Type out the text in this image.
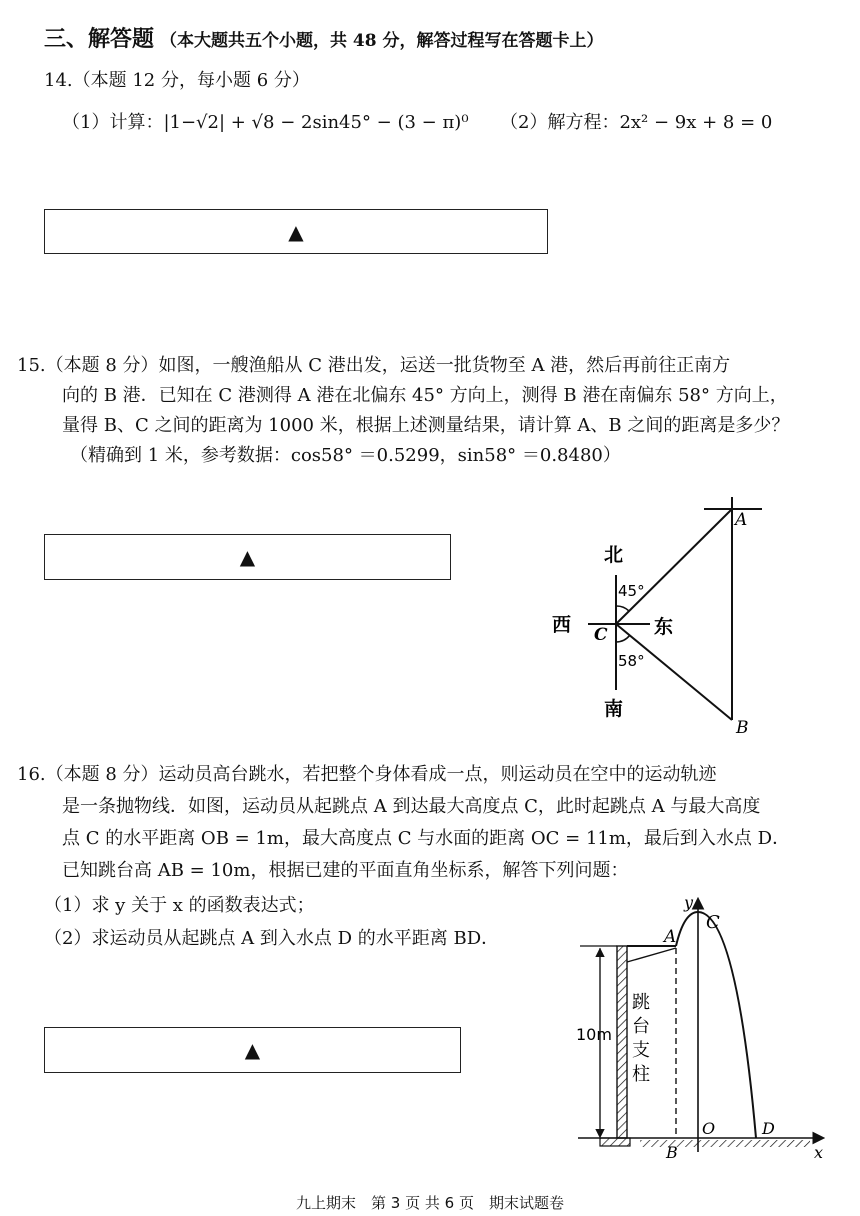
三、解答题 （本大题共五个小题，共 48 分，解答过程写在答题卡上）
14.（本题 12 分，每小题 6 分）
（1）计算：|1−√2| + √8 − 2sin45° − (3 − π)⁰ （2）解方程：2x² − 9x + 8 = 0
▲
15.（本题 8 分）如图，一艘渔船从 C 港出发，运送一批货物至 A 港，然后再前往正南方
向的 B 港．已知在 C 港测得 A 港在北偏东 45° 方向上，测得 B 港在南偏东 58° 方向上，
量得 B、C 之间的距离为 1000 米，根据上述测量结果，请计算 A、B 之间的距离是多少？
（精确到 1 米，参考数据：cos58° ＝0.5299，sin58° ＝0.8480）
▲	北
南
西	东
45°
58°
C
A
B
16.（本题 8 分）运动员高台跳水，若把整个身体看成一点，则运动员在空中的运动轨迹
是一条抛物线．如图，运动员从起跳点 A 到达最大高度点 C，此时起跳点 A 与最大高度
点 C 的水平距离 OB = 1m，最大高度点 C 与水面的距离 OC = 11m，最后到入水点 D．
已知跳台高 AB = 10m，根据已建的平面直角坐标系，解答下列问题：
（1）求 y 关于 x 的函数表达式；
（2）求运动员从起跳点 A 到入水点 D 的水平距离 BD．
▲
y
x
C
A
B
O	D
10m
跳
台
支
柱
九上期末　第 3 页 共 6 页　期末试题卷
